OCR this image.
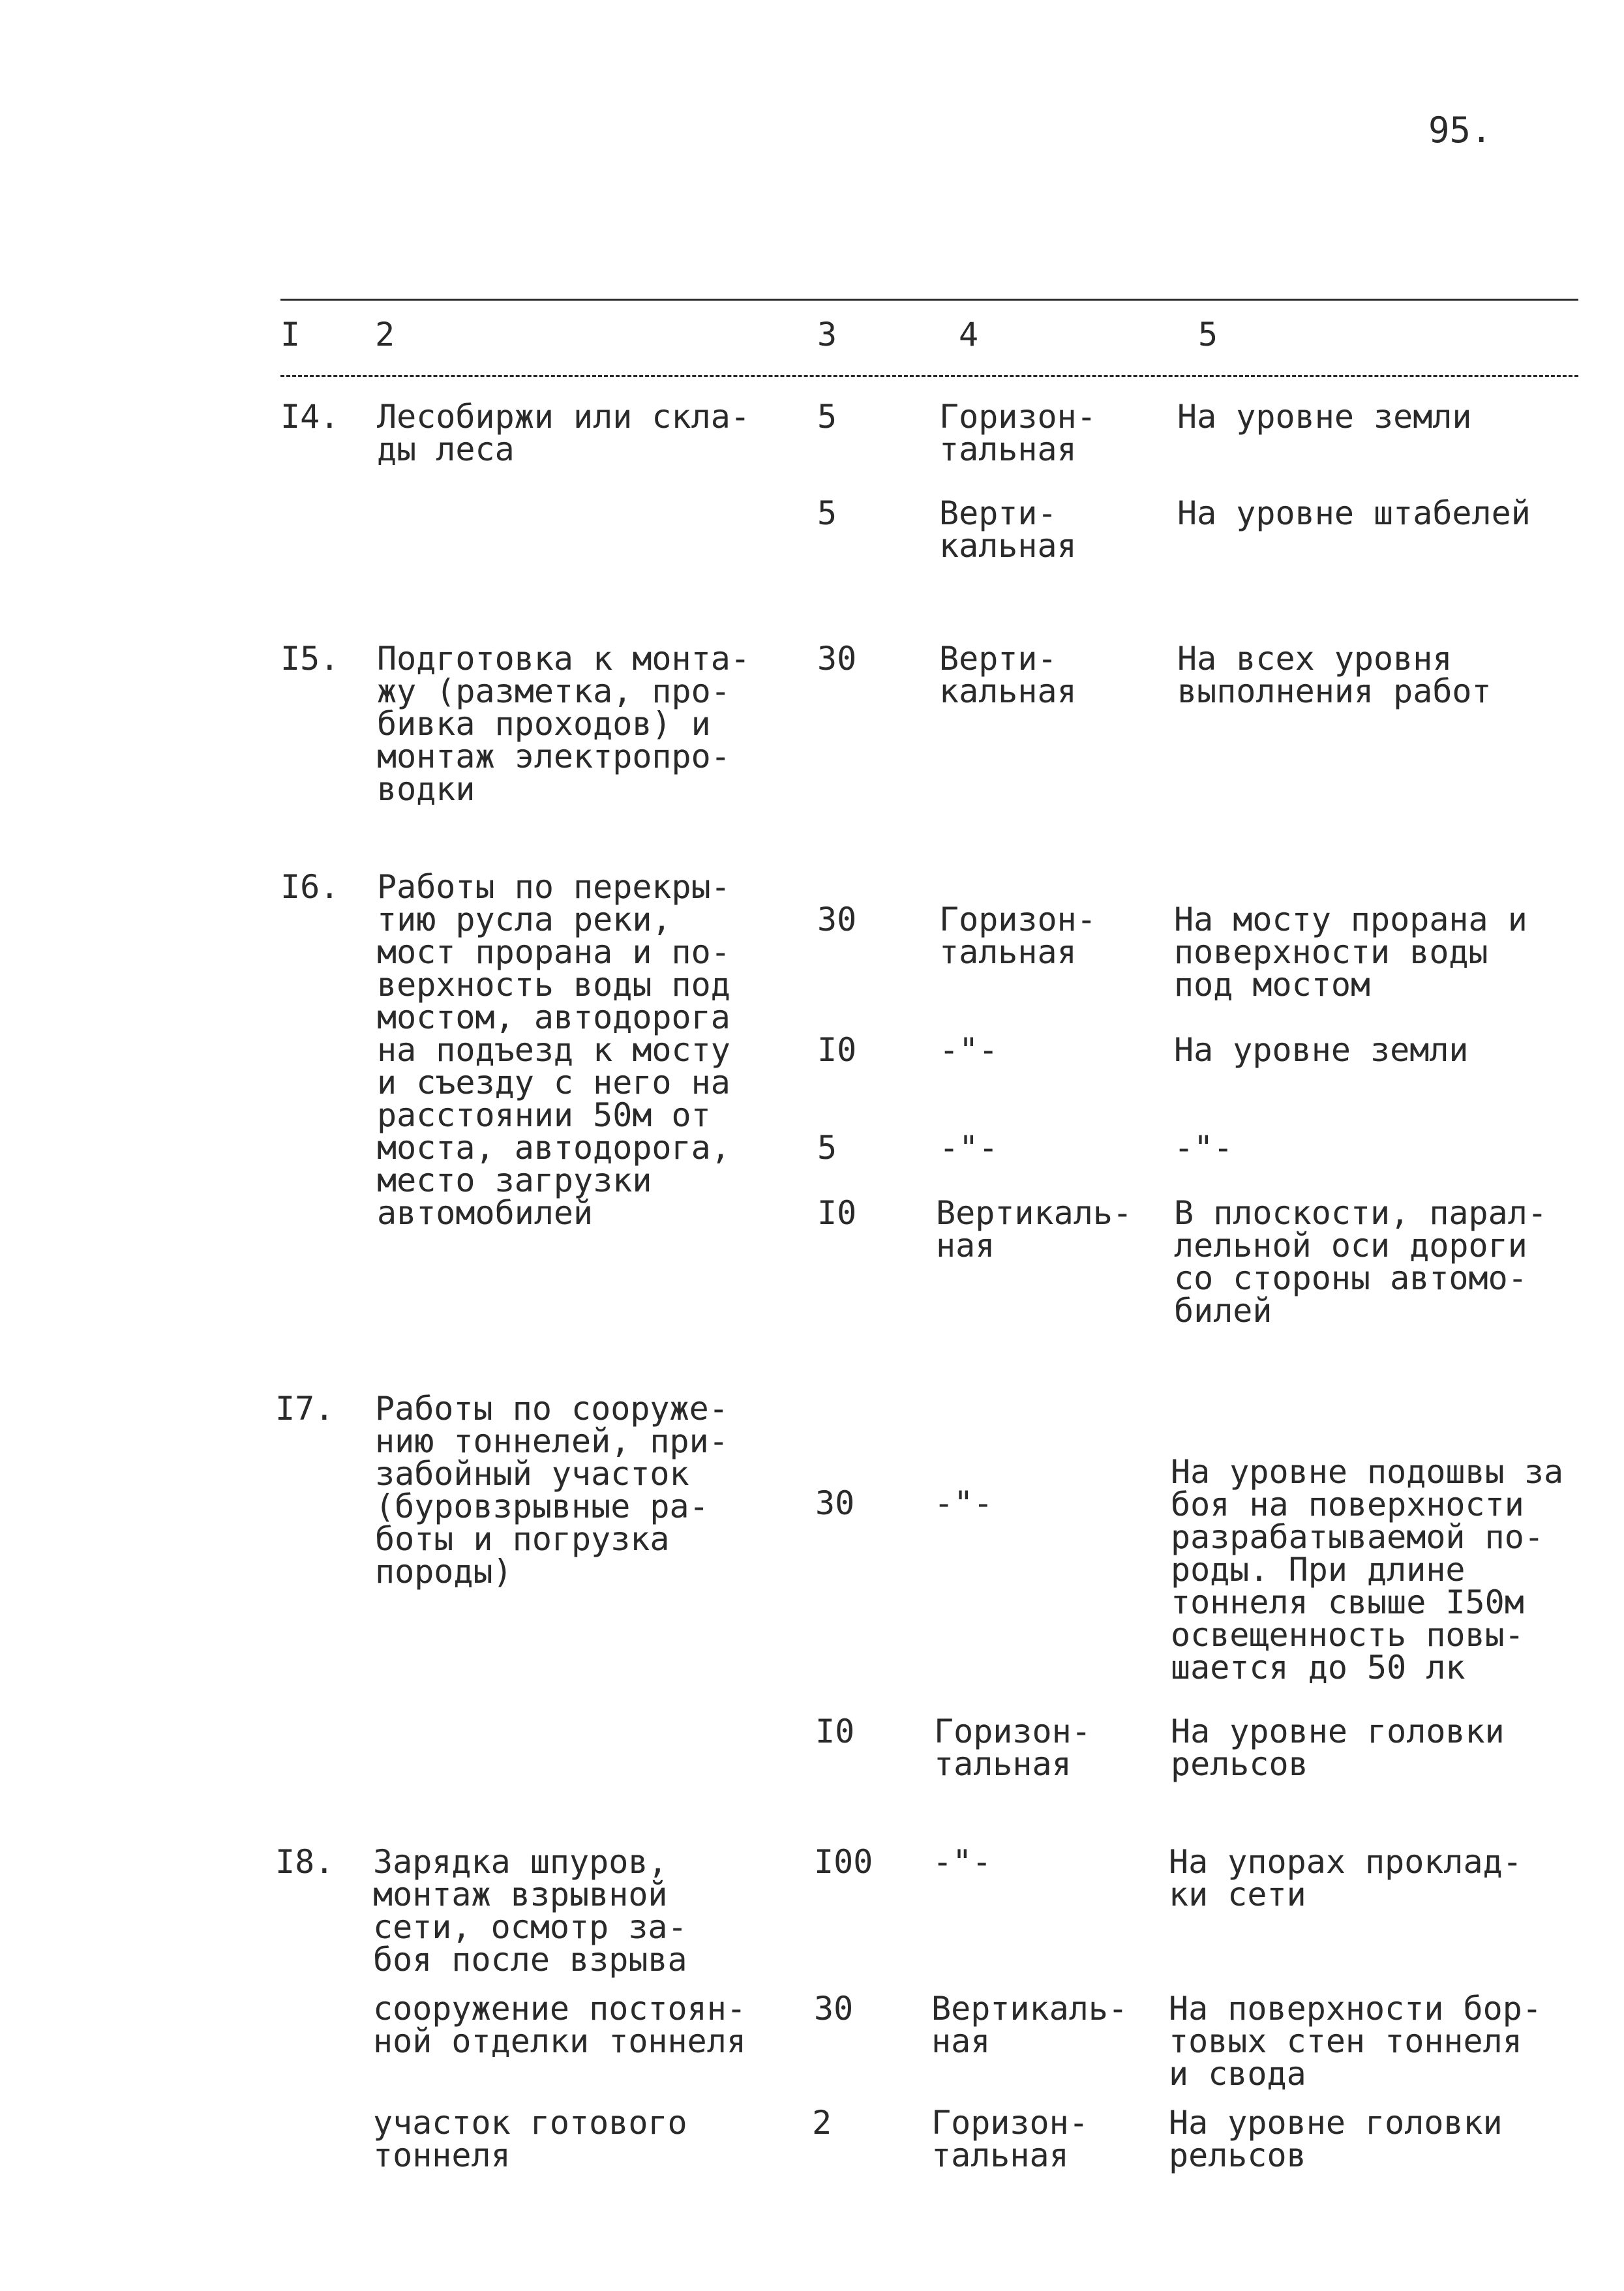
95.
I 2	3	4	5
I4. Лесобиржи или скла-
ды леса
5	Горизон-
тальная
На уровне земли
5	Верти-
кальная
На уровне штабелей
I5. Подготовка к монта-
жу (разметка, про-
бивка проходов) и
монтаж электропро-
водки
30	Верти-
кальная
На всех уровня
выполнения работ
I6. Работы по перекры-
тию русла реки,
мост прорана и по-
верхность воды под
мостом, автодорога
на подъезд к мосту
и съезду с него на
расстоянии 50м от
моста, автодорога,
место загрузки
автомобилей
30	Горизон-
тальная
На мосту прорана и
поверхности воды
под мостом
I0	-"-	На уровне земли
5	-"-	-"-
I0 Вертикаль-
ная
В плоскости, парал-
лельной оси дороги
со стороны автомо-
билей
I7. Работы по сооруже-
нию тоннелей, при-
забойный участок
(буровзрывные ра-
боты и погрузка
породы)
30 -"-
На уровне подошвы за
боя на поверхности
разрабатываемой по-
роды. При длине
тоннеля свыше I50м
освещенность повы-
шается до 50 лк
I0 Горизон-
тальная
На уровне головки
рельсов
I8. Зарядка шпуров,
монтаж взрывной
сети, осмотр за-
боя после взрыва
I00 -"-	На упорах проклад-
ки сети
сооружение постоян-
ной отделки тоннеля
30 Вертикаль-
ная
На поверхности бор-
товых стен тоннеля
и свода
участок готового
тоннеля
2	Горизон-
тальная
На уровне головки
рельсов
